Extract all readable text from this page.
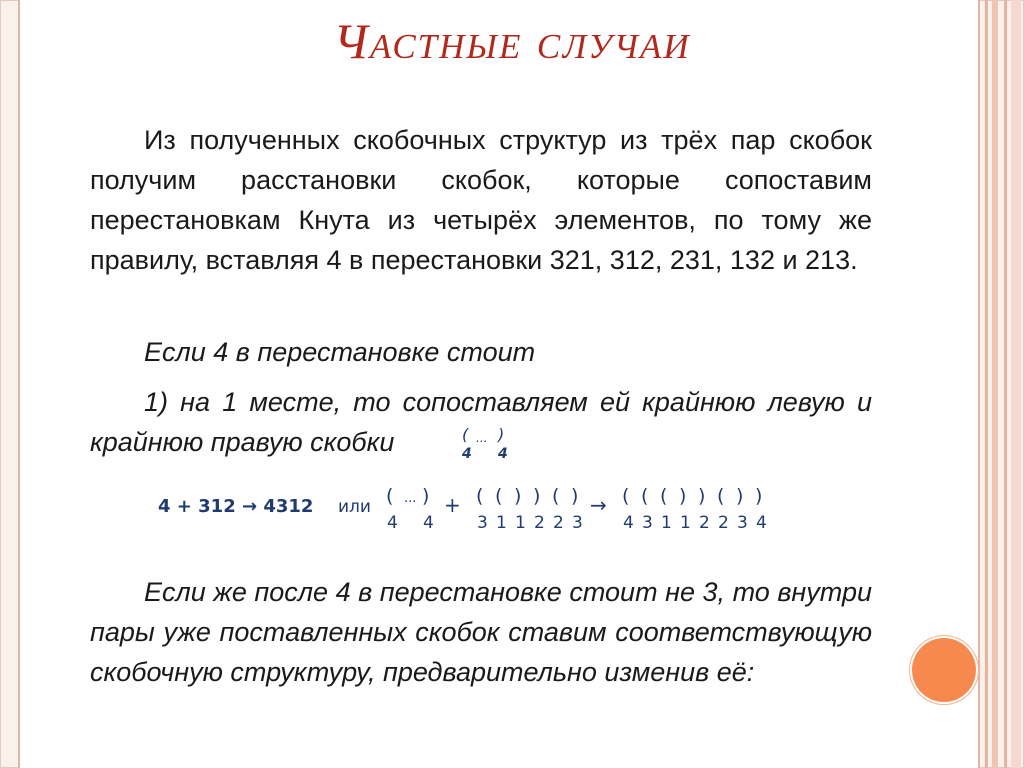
Частные случаи

Из полученных скобочных структур из трёх пар скобок получим расстановки скобок, которые сопоставим перестановкам Кнута из четырёх элементов, по тому же правилу, вставляя 4 в перестановки 321, 312, 231, 132 и 213.

Если 4 в перестановке стоит

1) на 1 месте, то сопоставляем ей крайнюю левую и крайнюю правую скобки	( ... )
4 4

4 + 312 → 4312 или ( ... )
4 4
+ ( ( ) ) ( )
3 1 1 2 2 3
→ ( ( ( ) ) ( ) )
4 3 1 1 2 2 3 4

Если же после 4 в перестановке стоит не 3, то внутри пары уже поставленных скобок ставим соответствующую скобочную структуру, предварительно изменив её:
